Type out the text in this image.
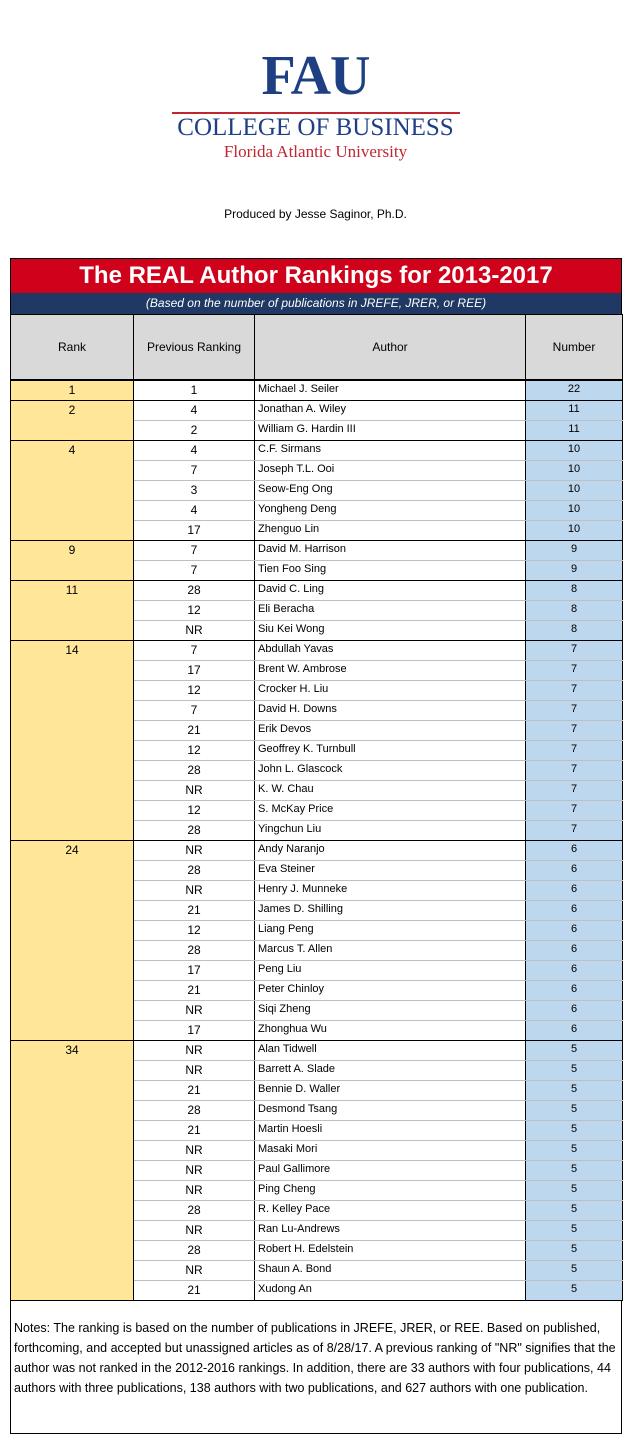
FAU
COLLEGE OF BUSINESS
Florida Atlantic University
Produced by Jesse Saginor, Ph.D.
The REAL Author Rankings for 2013-2017
(Based on the number of publications in JREFE, JRER, or REE)
Rank	Previous Ranking	Author	Number
1	1	Michael J. Seiler	22
2	4	Jonathan A. Wiley	11
	2	William G. Hardin III	11
4	4	C.F. Sirmans	10
	7	Joseph T.L. Ooi	10
	3	Seow-Eng Ong	10
	4	Yongheng Deng	10
	17	Zhenguo Lin	10
9	7	David M. Harrison	9
	7	Tien Foo Sing	9
11	28	David C. Ling	8
	12	Eli Beracha	8
	NR	Siu Kei Wong	8
14	7	Abdullah Yavas	7
	17	Brent W. Ambrose	7
	12	Crocker H. Liu	7
	7	David H. Downs	7
	21	Erik Devos	7
	12	Geoffrey K. Turnbull	7
	28	John L. Glascock	7
	NR	K. W. Chau	7
	12	S. McKay Price	7
	28	Yingchun Liu	7
24	NR	Andy Naranjo	6
	28	Eva Steiner	6
	NR	Henry J. Munneke	6
	21	James D. Shilling	6
	12	Liang Peng	6
	28	Marcus T. Allen	6
	17	Peng Liu	6
	21	Peter Chinloy	6
	NR	Siqi Zheng	6
	17	Zhonghua Wu	6
34	NR	Alan Tidwell	5
	NR	Barrett A. Slade	5
	21	Bennie D. Waller	5
	28	Desmond Tsang	5
	21	Martin Hoesli	5
	NR	Masaki Mori	5
	NR	Paul Gallimore	5
	NR	Ping Cheng	5
	28	R. Kelley Pace	5
	NR	Ran Lu-Andrews	5
	28	Robert H. Edelstein	5
	NR	Shaun A. Bond	5
	21	Xudong An	5
Notes: The ranking is based on the number of publications in JREFE, JRER, or REE. Based on published, forthcoming, and accepted but unassigned articles as of 8/28/17. A previous ranking of "NR" signifies that the author was not ranked in the 2012-2016 rankings. In addition, there are 33 authors with four publications, 44 authors with three publications, 138 authors with two publications, and 627 authors with one publication.
